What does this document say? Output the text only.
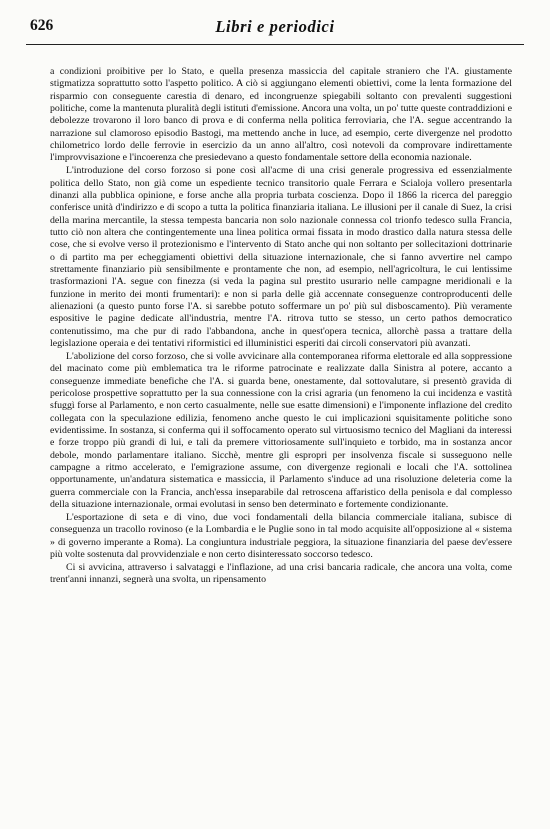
626	Libri e periodici

a condizioni proibitive per lo Stato, e quella presenza massiccia del capitale straniero che l'A. giustamente stigmatizza soprattutto sotto l'aspetto politico. A ciò si aggiungano elementi obiettivi, come la lenta formazione del risparmio con conseguente carestia di denaro, ed incongruenze spiegabili soltanto con prevalenti suggestioni politiche, come la mantenuta pluralità degli istituti d'emissione. Ancora una volta, un po' tutte queste contraddizioni e debolezze trovarono il loro banco di prova e di conferma nella politica ferroviaria, che l'A. segue accentrando la narrazione sul clamoroso episodio Bastogi, ma mettendo anche in luce, ad esempio, certe divergenze nel prodotto chilometrico lordo delle ferrovie in esercizio da un anno all'altro, così notevoli da comprovare indirettamente l'improvvisazione e l'incoerenza che presiedevano a questo fondamentale settore della economia nazionale.

L'introduzione del corso forzoso si pone così all'acme di una crisi generale progressiva ed essenzialmente politica dello Stato, non già come un espediente tecnico transitorio quale Ferrara e Scialoja vollero presentarla dinanzi alla pubblica opinione, e forse anche alla propria turbata coscienza. Dopo il 1866 la ricerca del pareggio conferisce unità d'indirizzo e di scopo a tutta la politica finanziaria italiana. Le illusioni per il canale di Suez, la crisi della marina mercantile, la stessa tempesta bancaria non solo nazionale connessa col trionfo tedesco sulla Francia, tutto ciò non altera che contingentemente una linea politica ormai fissata in modo drastico dalla natura stessa delle cose, che si evolve verso il protezionismo e l'intervento di Stato anche qui non soltanto per sollecitazioni dottrinarie o di partito ma per echeggiamenti obiettivi della situazione internazionale, che si fanno avvertire nel campo strettamente finanziario più sensibilmente e prontamente che non, ad esempio, nell'agricoltura, le cui lentissime trasformazioni l'A. segue con finezza (si veda la pagina sul prestito usurario nelle campagne meridionali e la funzione in merito dei monti frumentari): e non si parla delle già accennate conseguenze controproducenti delle alienazioni (a questo punto forse l'A. si sarebbe potuto soffermare un po' più sul disboscamento). Più veramente espositive le pagine dedicate all'industria, mentre l'A. ritrova tutto se stesso, un certo pathos democratico contenutissimo, ma che pur di rado l'abbandona, anche in quest'opera tecnica, allorchè passa a trattare della legislazione operaia e dei tentativi riformistici ed illuministici esperiti dai circoli conservatori più avanzati.

L'abolizione del corso forzoso, che si volle avvicinare alla contemporanea riforma elettorale ed alla soppressione del macinato come più emblematica tra le riforme patrocinate e realizzate dalla Sinistra al potere, accanto a conseguenze immediate benefiche che l'A. si guarda bene, onestamente, dal sottovalutare, si presentò gravida di pericolose prospettive soprattutto per la sua connessione con la crisi agraria (un fenomeno la cui incidenza e vastità sfuggì forse al Parlamento, e non certo casualmente, nelle sue esatte dimensioni) e l'imponente inflazione del credito collegata con la speculazione edilizia, fenomeno anche questo le cui implicazioni squisitamente politiche sono evidentissime. In sostanza, si conferma qui il soffocamento operato sul virtuosismo tecnico del Magliani da interessi e forze troppo più grandi di lui, e tali da premere vittoriosamente sull'inquieto e torbido, ma in sostanza ancor debole, mondo parlamentare italiano. Sicchè, mentre gli espropri per insolvenza fiscale si susseguono nelle campagne a ritmo accelerato, e l'emigrazione assume, con divergenze regionali e locali che l'A. sottolinea opportunamente, un'andatura sistematica e massiccia, il Parlamento s'induce ad una risoluzione deleteria come la guerra commerciale con la Francia, anch'essa inseparabile dal retroscena affaristico della penisola e dal complesso della situazione internazionale, ormai evolutasi in senso ben determinato e fortemente condizionante.

L'esportazione di seta e di vino, due voci fondamentali della bilancia commerciale italiana, subisce di conseguenza un tracollo rovinoso (e la Lombardia e le Puglie sono in tal modo acquisite all'opposizione al « sistema » di governo imperante a Roma). La congiuntura industriale peggiora, la situazione finanziaria del paese dev'essere più volte sostenuta dal provvidenziale e non certo disinteressato soccorso tedesco.

Ci si avvicina, attraverso i salvataggi e l'inflazione, ad una crisi bancaria radicale, che ancora una volta, come trent'anni innanzi, segnerà una svolta, un ripensamento
